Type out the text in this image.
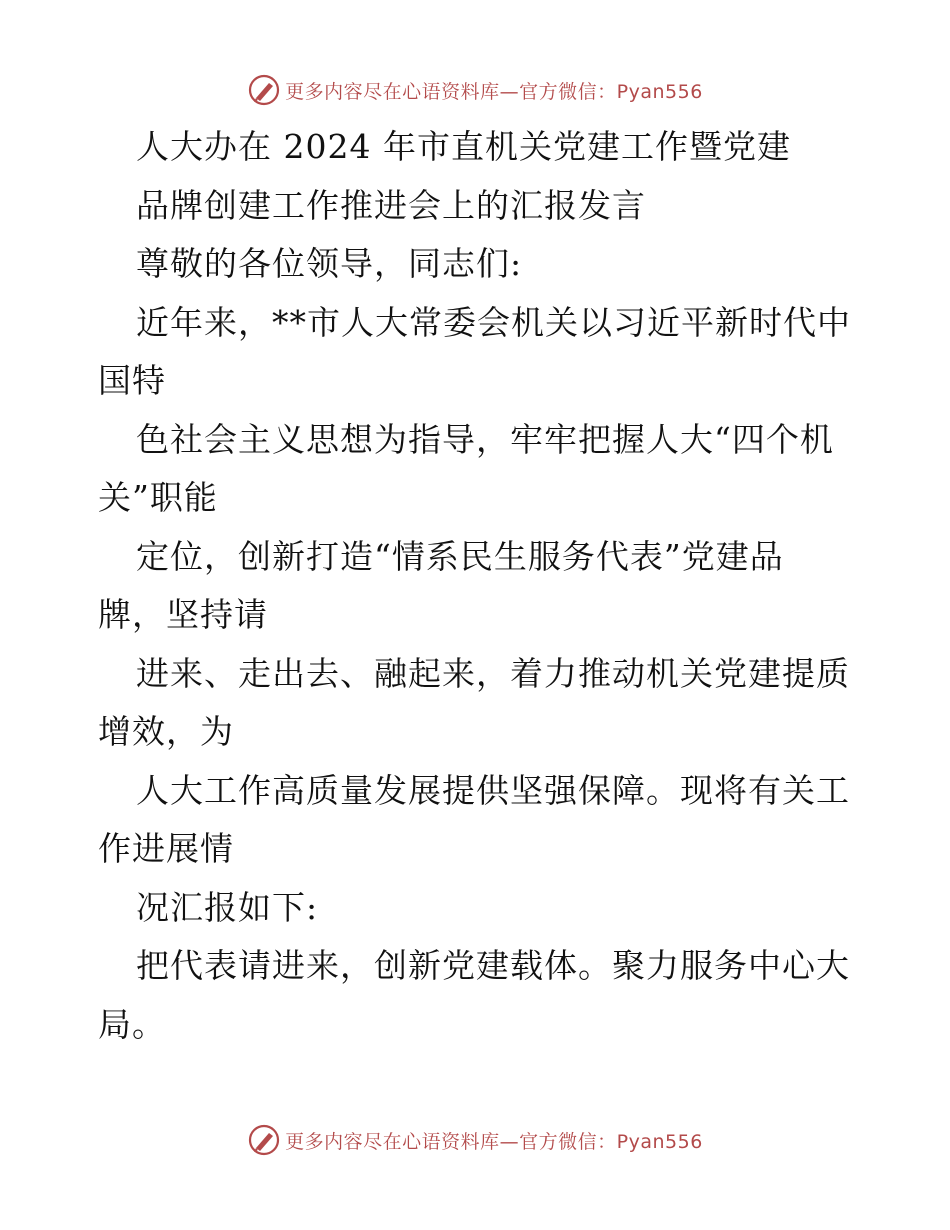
更多内容尽在心语资料库—官方微信：Pyan556
人大办在 2024 年市直机关党建工作暨党建
品牌创建工作推进会上的汇报发言
尊敬的各位领导，同志们:
近年来，**市人大常委会机关以习近平新时代中
国特
色社会主义思想为指导，牢牢把握人大“四个机
关”职能
定位，创新打造“情系民生服务代表”党建品
牌，坚持请
进来、走出去、融起来，着力推动机关党建提质
增效，为
人大工作高质量发展提供坚强保障。现将有关工
作进展情
况汇报如下:
把代表请进来，创新党建载体。聚力服务中心大
局。
更多内容尽在心语资料库—官方微信：Pyan556
